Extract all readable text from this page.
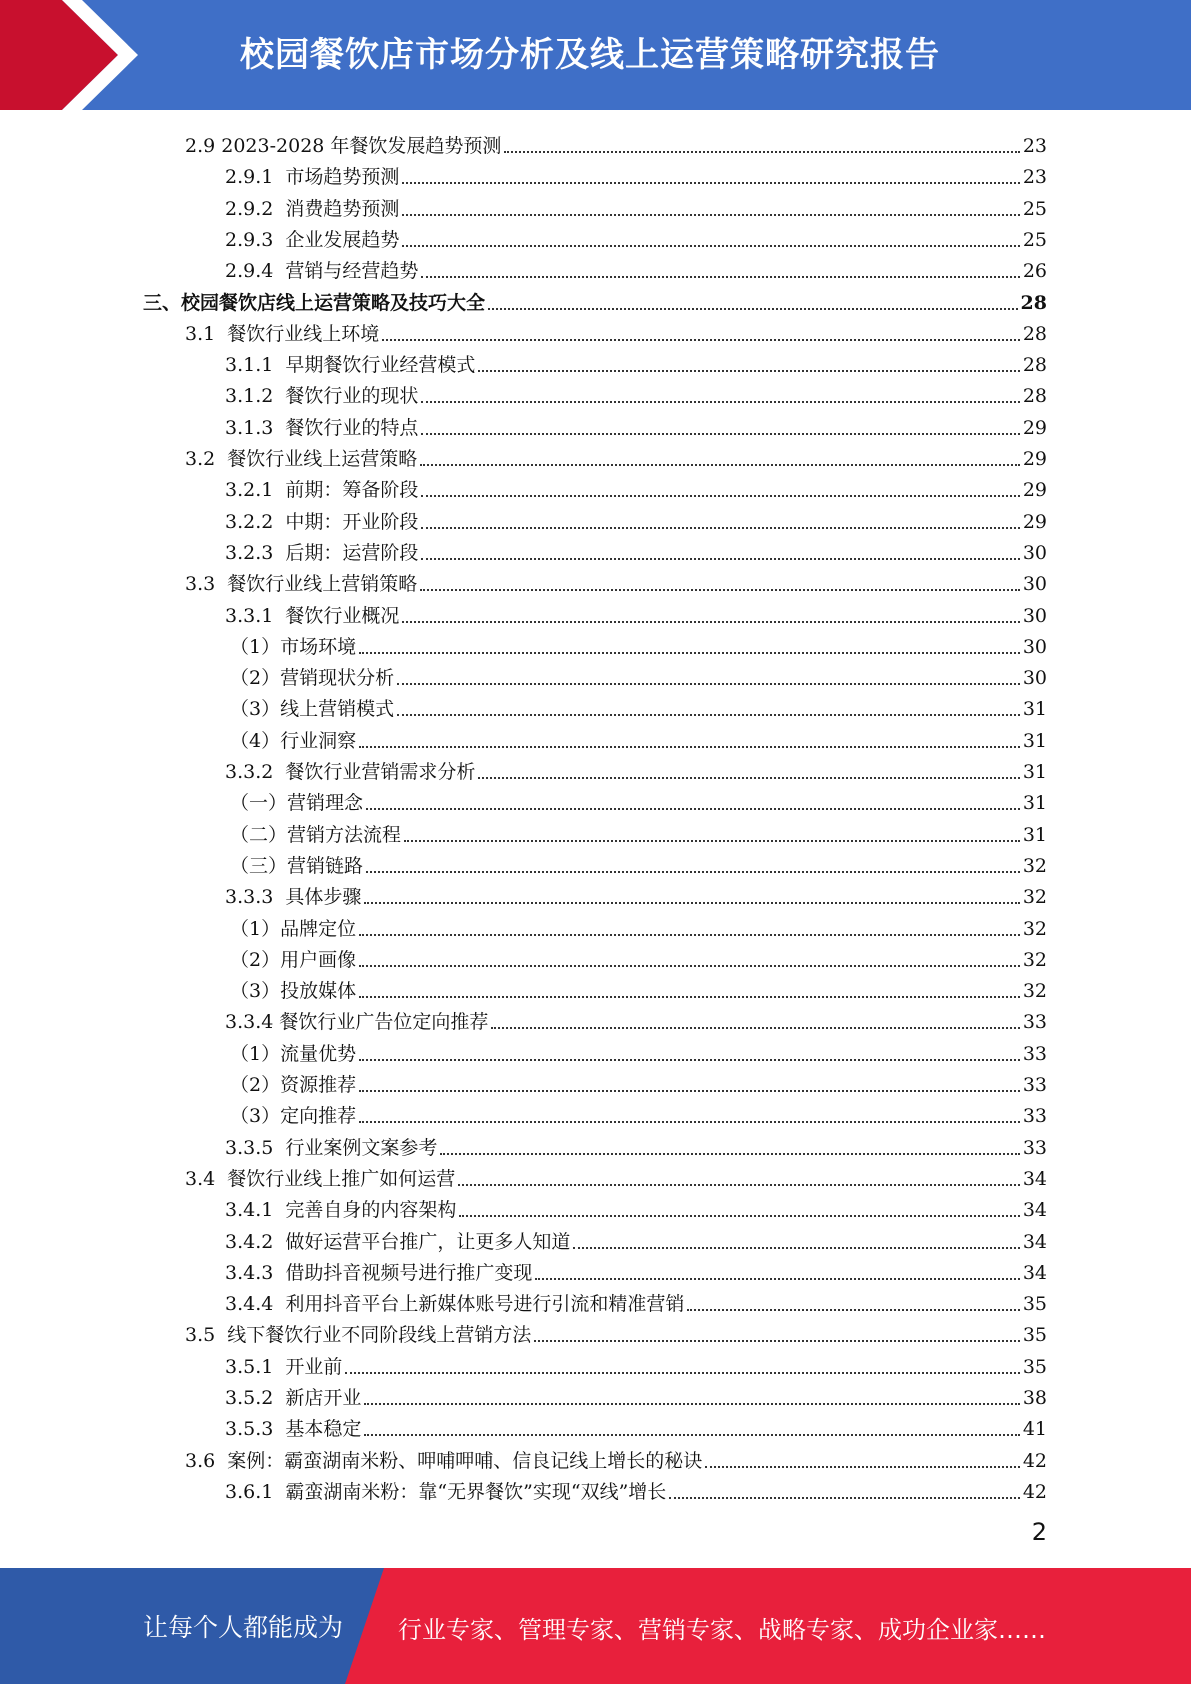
校园餐饮店市场分析及线上运营策略研究报告
2.9 2023-2028 年餐饮发展趋势预测	23
2.9.1  市场趋势预测	23
2.9.2  消费趋势预测	25
2.9.3  企业发展趋势	25
2.9.4  营销与经营趋势	26
三、校园餐饮店线上运营策略及技巧大全	28
3.1  餐饮行业线上环境	28
3.1.1  早期餐饮行业经营模式	28
3.1.2  餐饮行业的现状	28
3.1.3  餐饮行业的特点	29
3.2  餐饮行业线上运营策略	29
3.2.1  前期：筹备阶段	29
3.2.2  中期：开业阶段	29
3.2.3  后期：运营阶段	30
3.3  餐饮行业线上营销策略	30
3.3.1  餐饮行业概况	30
（1）市场环境	30
（2）营销现状分析	30
（3）线上营销模式	31
（4）行业洞察	31
3.3.2  餐饮行业营销需求分析	31
（一）营销理念	31
（二）营销方法流程	31
（三）营销链路	32
3.3.3  具体步骤	32
（1）品牌定位	32
（2）用户画像	32
（3）投放媒体	32
3.3.4 餐饮行业广告位定向推荐	33
（1）流量优势	33
（2）资源推荐	33
（3）定向推荐	33
3.3.5  行业案例文案参考	33
3.4  餐饮行业线上推广如何运营	34
3.4.1  完善自身的内容架构	34
3.4.2  做好运营平台推广，让更多人知道	34
3.4.3  借助抖音视频号进行推广变现	34
3.4.4  利用抖音平台上新媒体账号进行引流和精准营销	35
3.5  线下餐饮行业不同阶段线上营销方法	35
3.5.1  开业前	35
3.5.2  新店开业	38
3.5.3  基本稳定	41
3.6  案例：霸蛮湖南米粉、呷哺呷哺、信良记线上增长的秘诀	42
3.6.1  霸蛮湖南米粉：靠“无界餐饮”实现“双线”增长	42
2
让每个人都能成为 行业专家、管理专家、营销专家、战略专家、成功企业家……
